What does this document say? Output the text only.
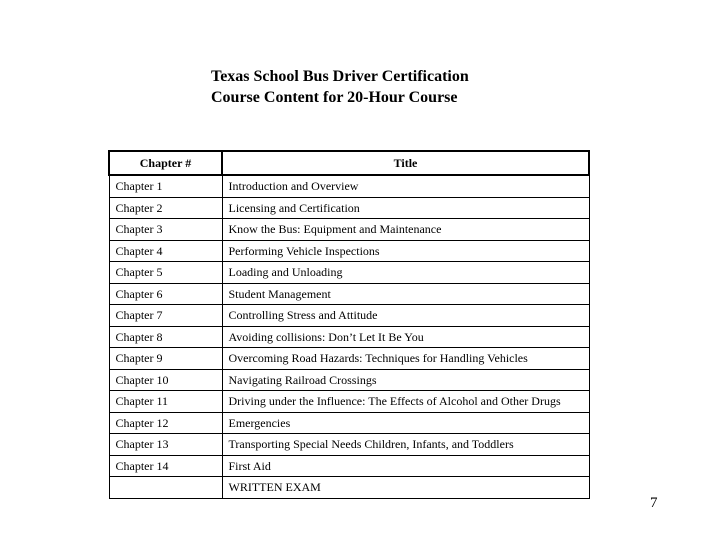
Texas School Bus Driver Certification
Course Content for 20-Hour Course
Chapter #	Title
Chapter 1	Introduction and Overview
Chapter 2	Licensing and Certification
Chapter 3	Know the Bus: Equipment and Maintenance
Chapter 4	Performing Vehicle Inspections
Chapter 5	Loading and Unloading
Chapter 6	Student Management
Chapter 7	Controlling Stress and Attitude
Chapter 8	Avoiding collisions: Don’t Let It Be You
Chapter 9	Overcoming Road Hazards: Techniques for Handling Vehicles
Chapter 10	Navigating Railroad Crossings
Chapter 11	Driving under the Influence: The Effects of Alcohol and Other Drugs
Chapter 12	Emergencies
Chapter 13	Transporting Special Needs Children, Infants, and Toddlers
Chapter 14	First Aid
	WRITTEN EXAM
7
